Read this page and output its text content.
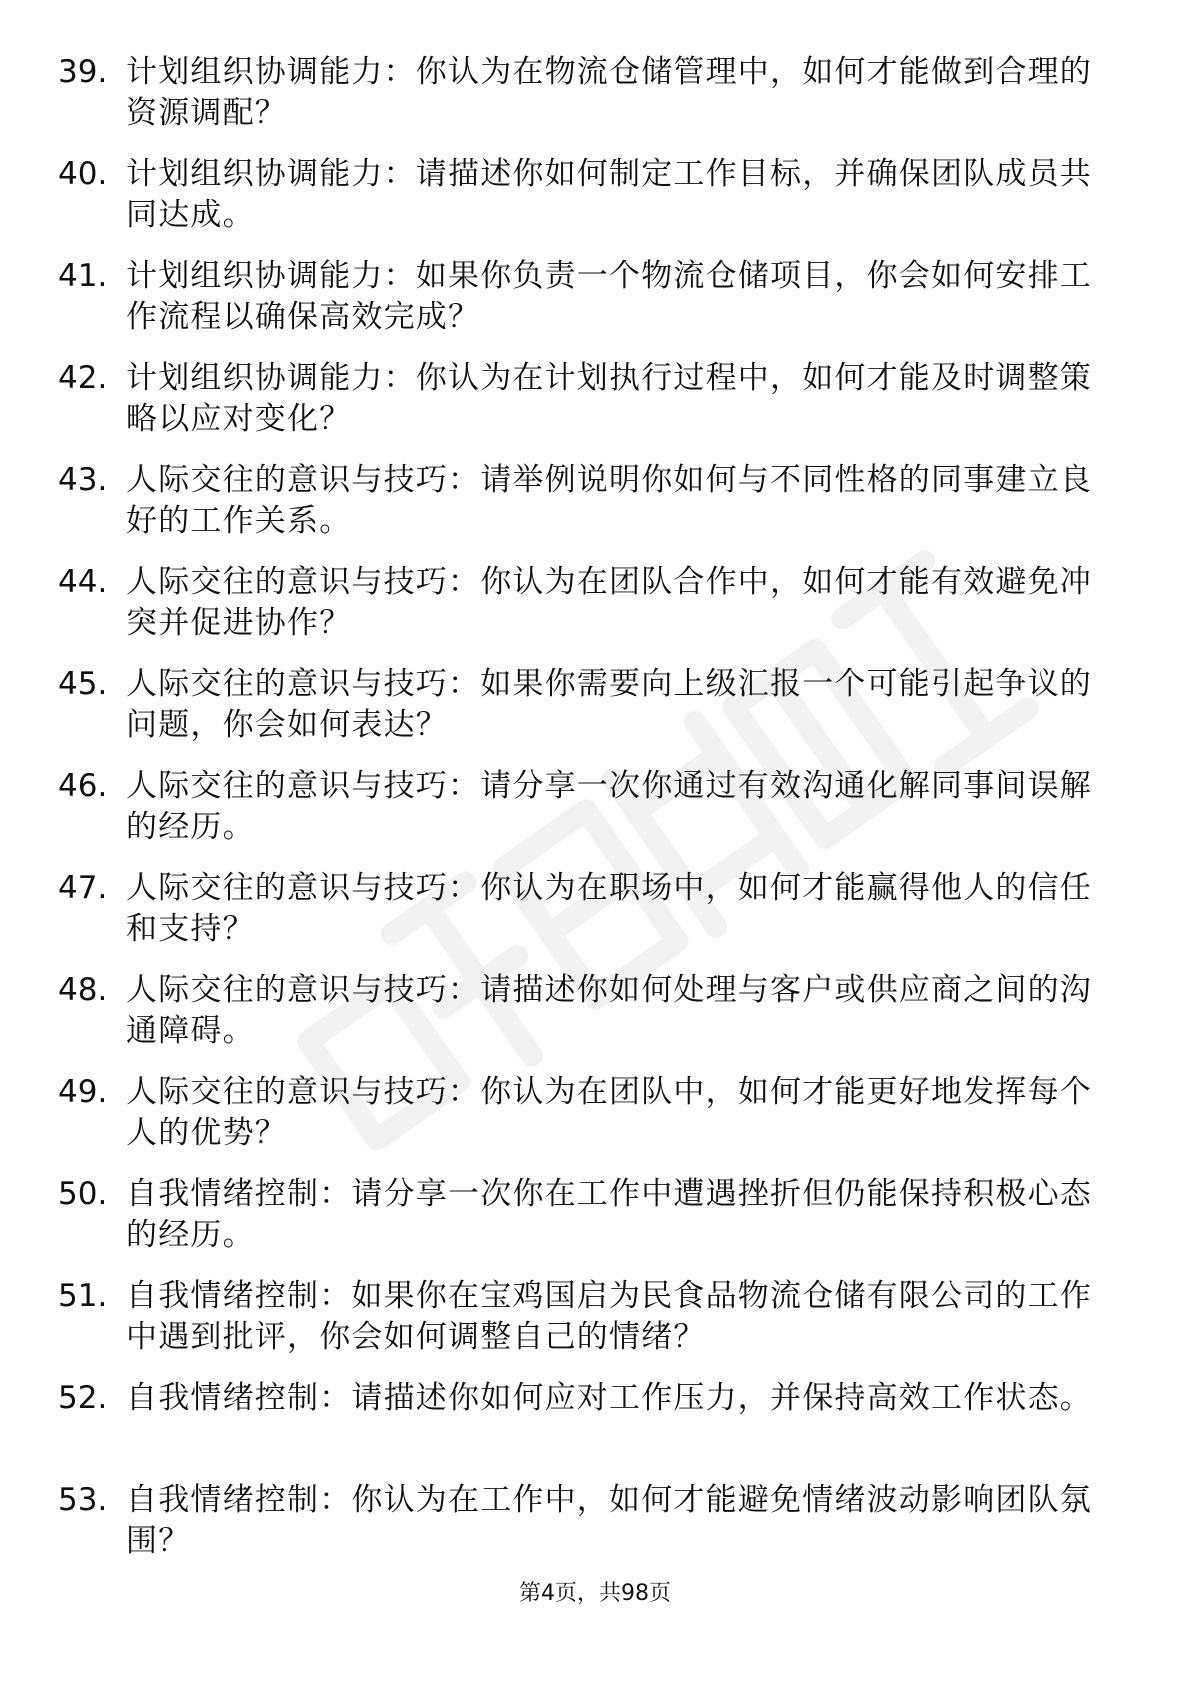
39. 计划组织协调能力：你认为在物流仓储管理中，如何才能做到合理的资源调配？
40. 计划组织协调能力：请描述你如何制定工作目标，并确保团队成员共同达成。
41. 计划组织协调能力：如果你负责一个物流仓储项目，你会如何安排工作流程以确保高效完成？
42. 计划组织协调能力：你认为在计划执行过程中，如何才能及时调整策略以应对变化？
43. 人际交往的意识与技巧：请举例说明你如何与不同性格的同事建立良好的工作关系。
44. 人际交往的意识与技巧：你认为在团队合作中，如何才能有效避免冲突并促进协作？
45. 人际交往的意识与技巧：如果你需要向上级汇报一个可能引起争议的问题，你会如何表达？
46. 人际交往的意识与技巧：请分享一次你通过有效沟通化解同事间误解的经历。
47. 人际交往的意识与技巧：你认为在职场中，如何才能赢得他人的信任和支持？
48. 人际交往的意识与技巧：请描述你如何处理与客户或供应商之间的沟通障碍。
49. 人际交往的意识与技巧：你认为在团队中，如何才能更好地发挥每个人的优势？
50. 自我情绪控制：请分享一次你在工作中遭遇挫折但仍能保持积极心态的经历。
51. 自我情绪控制：如果你在宝鸡国启为民食品物流仓储有限公司的工作中遇到批评，你会如何调整自己的情绪？
52. 自我情绪控制：请描述你如何应对工作压力，并保持高效工作状态。
53. 自我情绪控制：你认为在工作中，如何才能避免情绪波动影响团队氛围？
第4页，共98页
